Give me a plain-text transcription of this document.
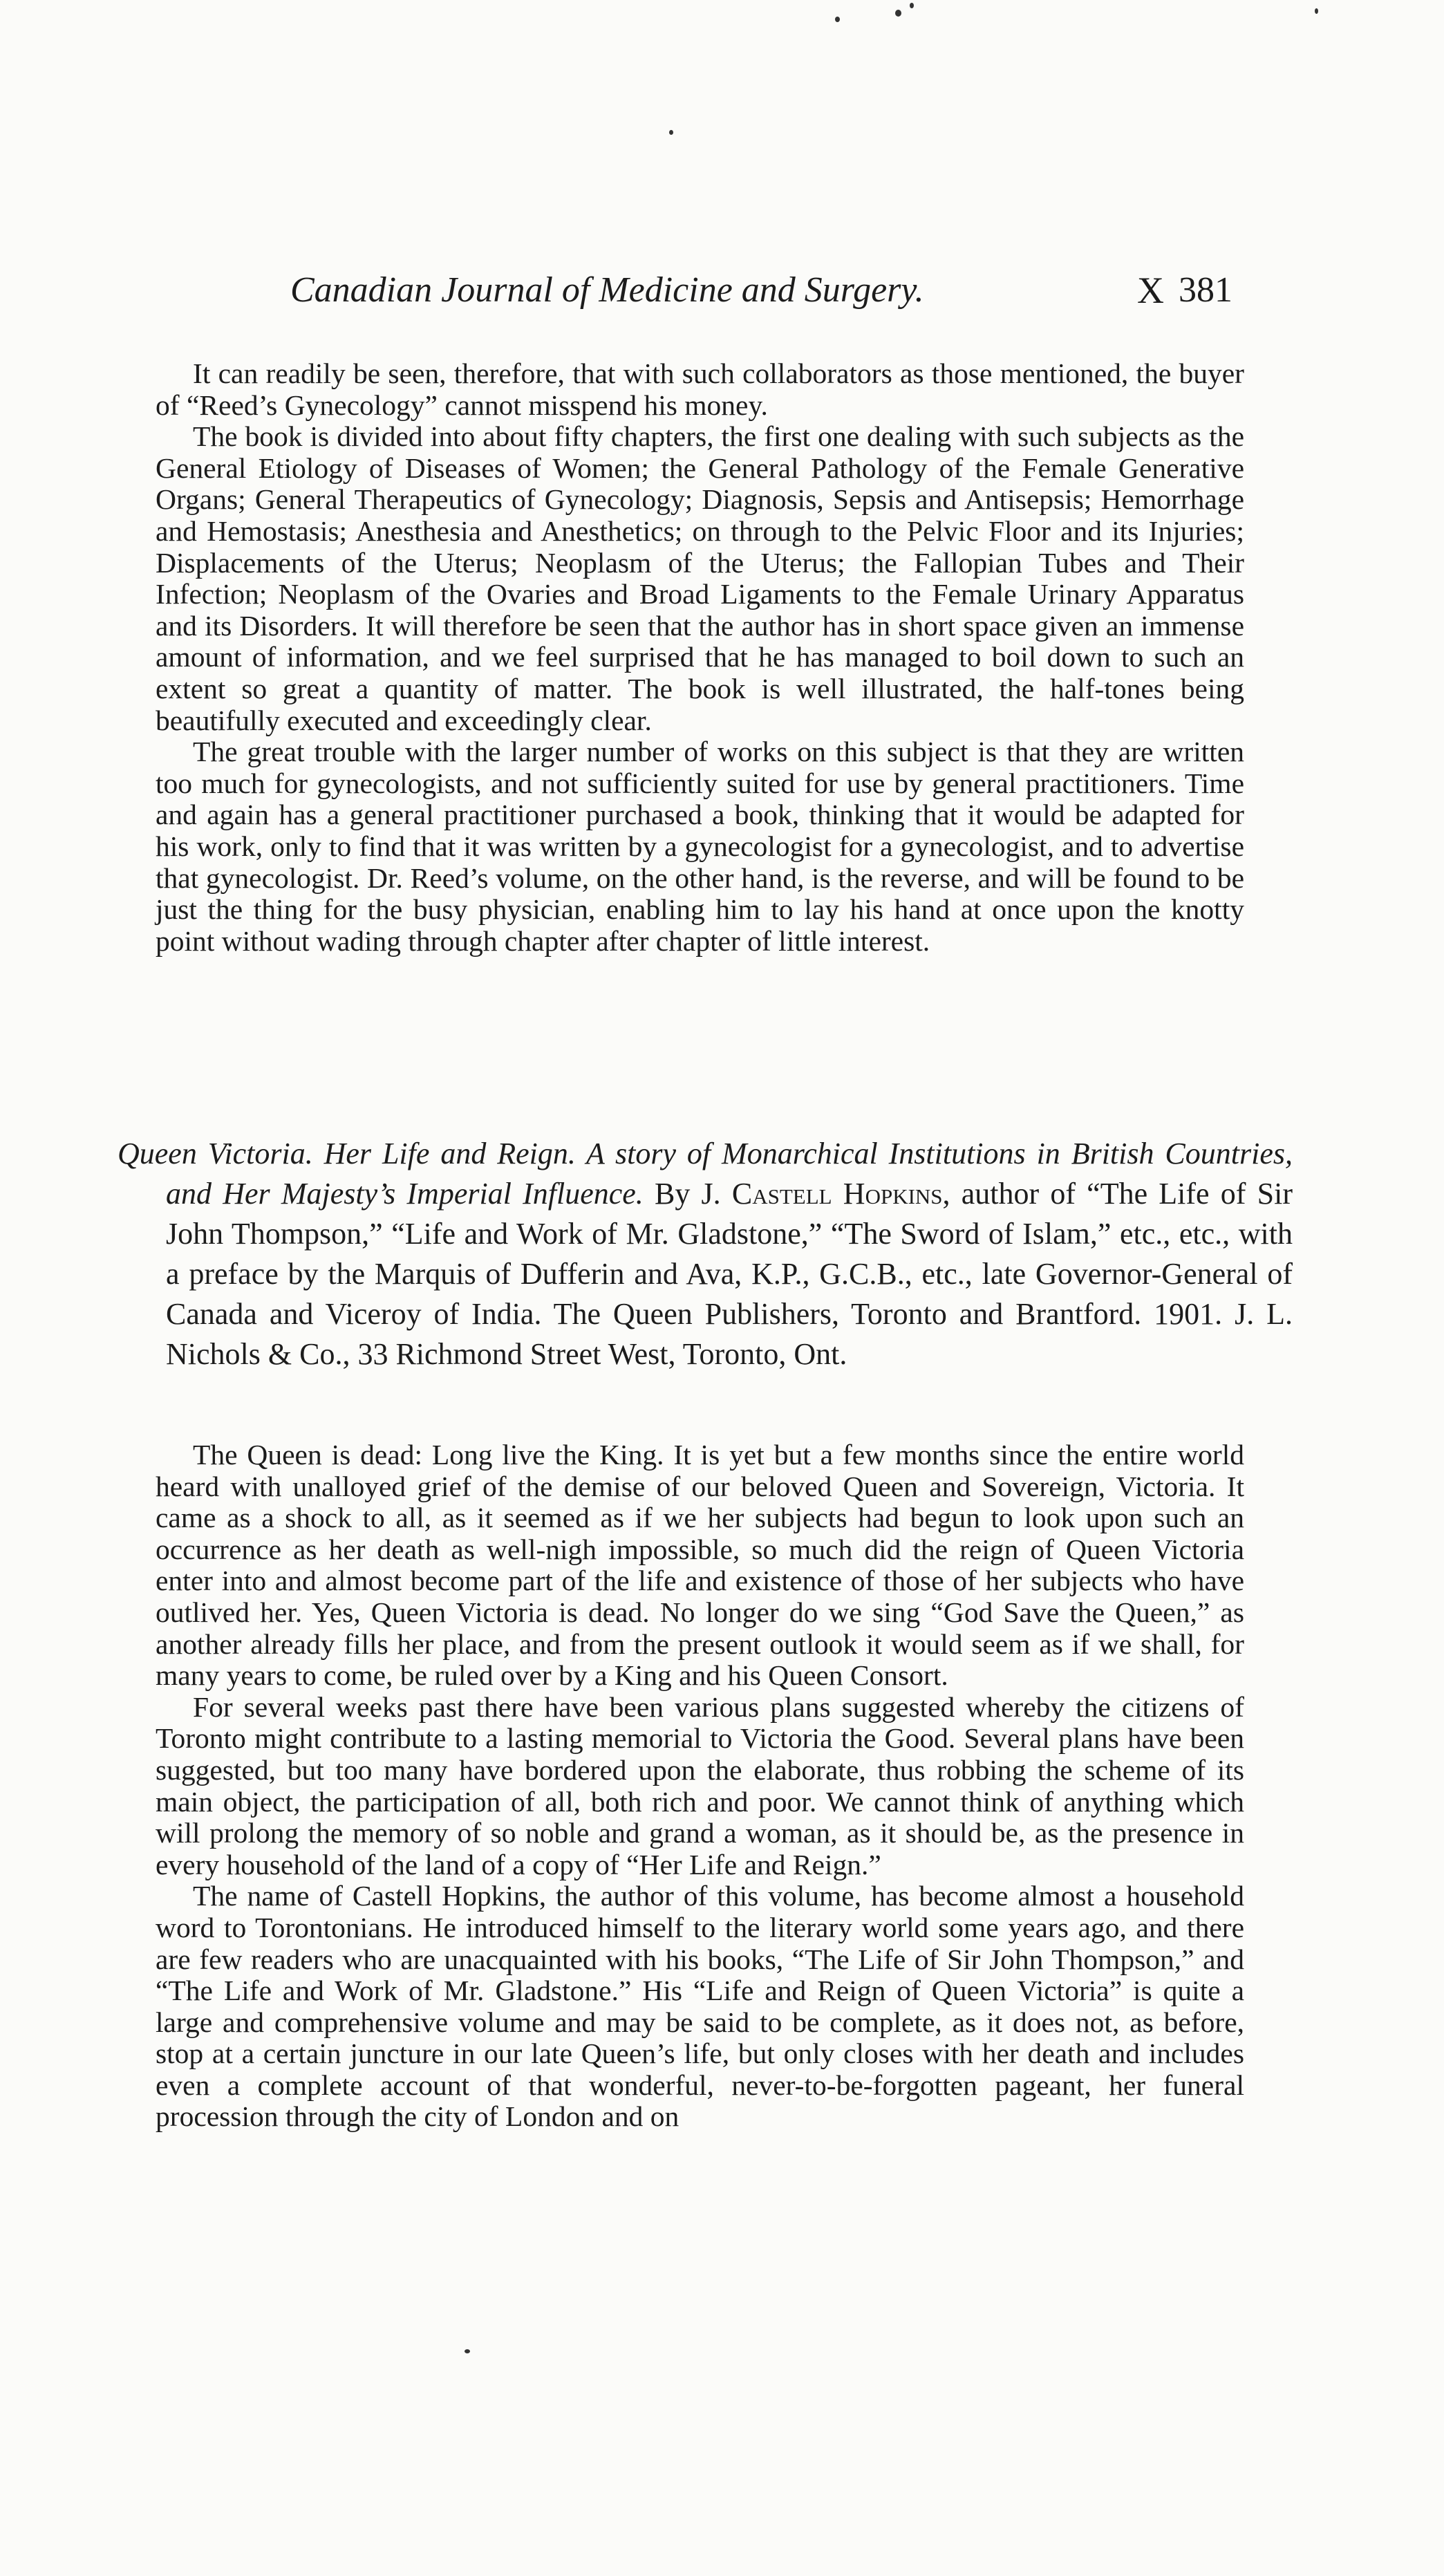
Canadian Journal of Medicine and Surgery.	X 381

It can readily be seen, therefore, that with such collaborators as those mentioned, the buyer of “Reed’s Gynecology” cannot misspend his money.

The book is divided into about fifty chapters, the first one dealing with such subjects as the General Etiology of Diseases of Women; the General Pathology of the Female Generative Organs; General Therapeutics of Gynecology; Diagnosis, Sepsis and Antisepsis; Hemorrhage and Hemostasis; Anesthesia and Anesthetics; on through to the Pelvic Floor and its Injuries; Displacements of the Uterus; Neoplasm of the Uterus; the Fallopian Tubes and Their Infection; Neoplasm of the Ovaries and Broad Ligaments to the Female Urinary Apparatus and its Disorders. It will therefore be seen that the author has in short space given an immense amount of information, and we feel surprised that he has managed to boil down to such an extent so great a quantity of matter. The book is well illustrated, the half-tones being beautifully executed and exceedingly clear.

The great trouble with the larger number of works on this subject is that they are written too much for gynecologists, and not sufficiently suited for use by general practitioners. Time and again has a general practitioner purchased a book, thinking that it would be adapted for his work, only to find that it was written by a gynecologist for a gynecologist, and to advertise that gynecologist. Dr. Reed’s volume, on the other hand, is the reverse, and will be found to be just the thing for the busy physician, enabling him to lay his hand at once upon the knotty point without wading through chapter after chapter of little interest.

Queen Victoria. Her Life and Reign. A story of Monarchical Institutions in British Countries, and Her Majesty’s Imperial Influence. By J. Castell Hopkins, author of “The Life of Sir John Thompson,” “Life and Work of Mr. Gladstone,” “The Sword of Islam,” etc., etc., with a preface by the Marquis of Dufferin and Ava, K.P., G.C.B., etc., late Governor-General of Canada and Viceroy of India. The Queen Publishers, Toronto and Brantford. 1901. J. L. Nichols & Co., 33 Richmond Street West, Toronto, Ont.

The Queen is dead: Long live the King. It is yet but a few months since the entire world heard with unalloyed grief of the demise of our beloved Queen and Sovereign, Victoria. It came as a shock to all, as it seemed as if we her subjects had begun to look upon such an occurrence as her death as well-nigh impossible, so much did the reign of Queen Victoria enter into and almost become part of the life and existence of those of her subjects who have outlived her. Yes, Queen Victoria is dead. No longer do we sing “God Save the Queen,” as another already fills her place, and from the present outlook it would seem as if we shall, for many years to come, be ruled over by a King and his Queen Consort.

For several weeks past there have been various plans suggested whereby the citizens of Toronto might contribute to a lasting memorial to Victoria the Good. Several plans have been suggested, but too many have bordered upon the elaborate, thus robbing the scheme of its main object, the participation of all, both rich and poor. We cannot think of anything which will prolong the memory of so noble and grand a woman, as it should be, as the presence in every household of the land of a copy of “Her Life and Reign.”

The name of Castell Hopkins, the author of this volume, has become almost a household word to Torontonians. He introduced himself to the literary world some years ago, and there are few readers who are unacquainted with his books, “The Life of Sir John Thompson,” and “The Life and Work of Mr. Gladstone.” His “Life and Reign of Queen Victoria” is quite a large and comprehensive volume and may be said to be complete, as it does not, as before, stop at a certain juncture in our late Queen’s life, but only closes with her death and includes even a complete account of that wonderful, never-to-be-forgotten pageant, her funeral procession through the city of London and on
